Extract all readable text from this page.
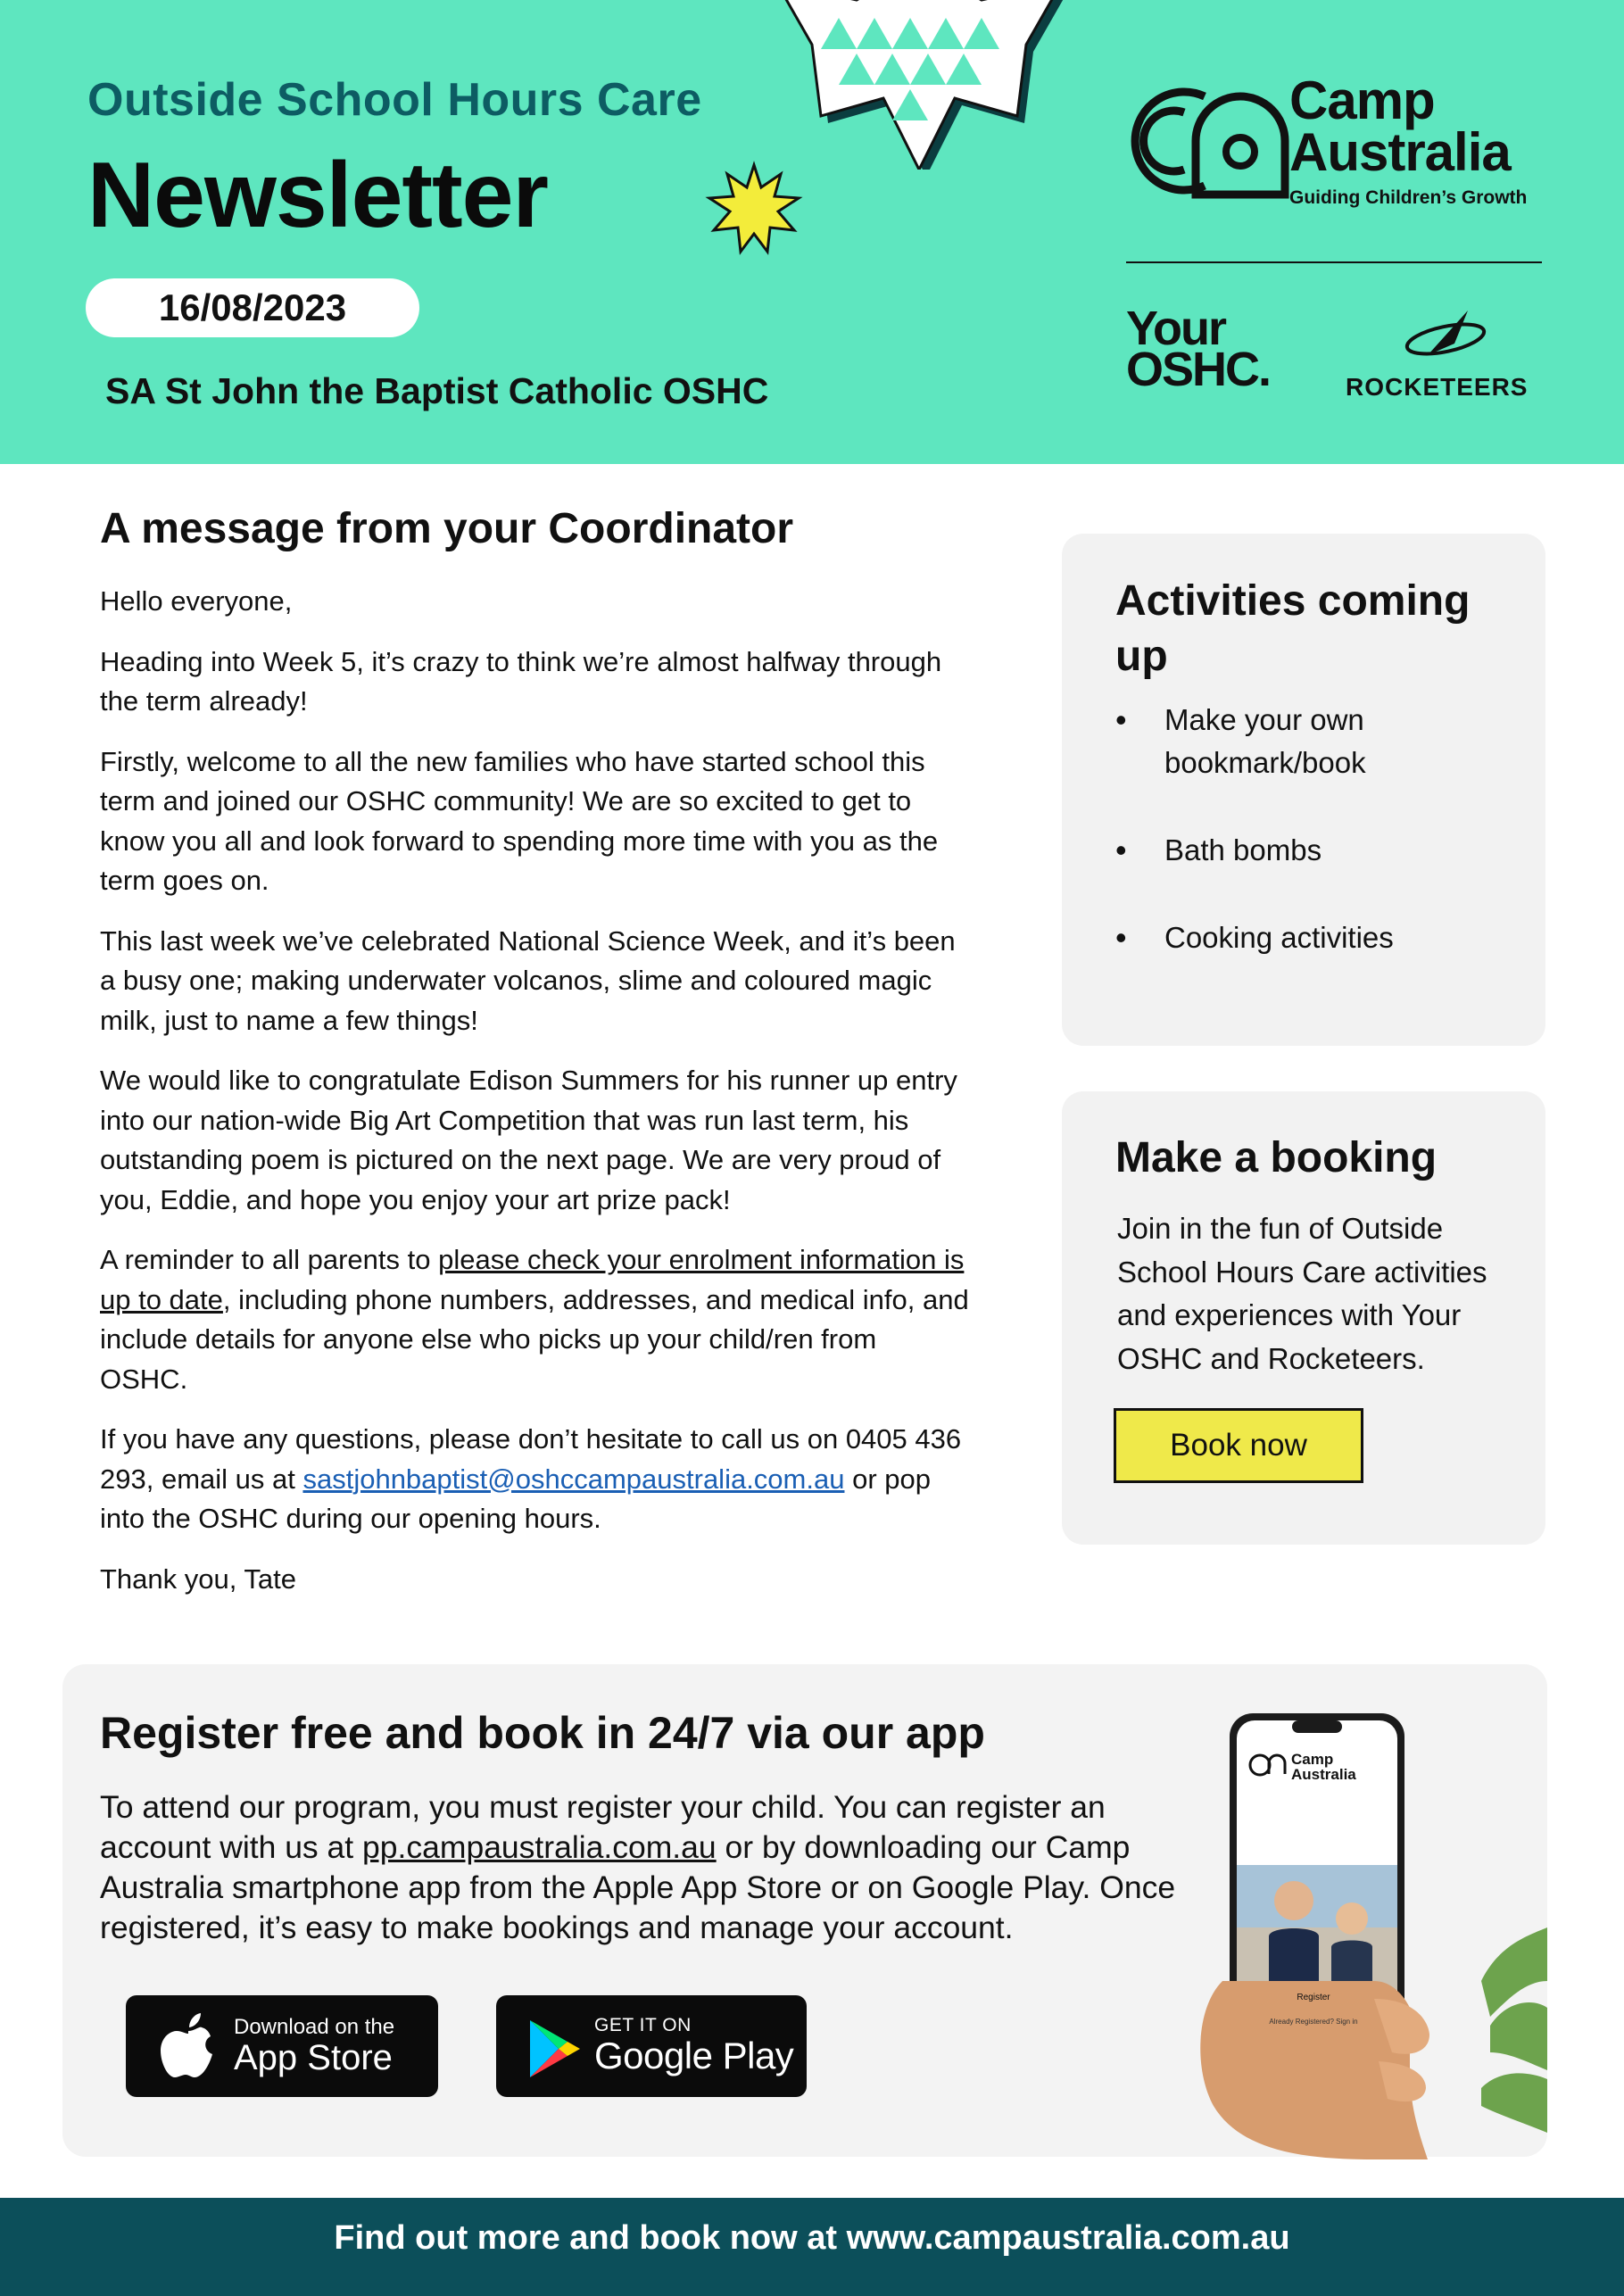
Outside School Hours Care
Newsletter
16/08/2023
SA St John the Baptist Catholic OSHC
Camp
Australia
Guiding Children’s Growth
Your OSHC.	ROCKETEERS
A message from your Coordinator

Hello everyone,

Heading into Week 5, it’s crazy to think we’re almost halfway through the term already!

Firstly, welcome to all the new families who have started school this term and joined our OSHC community! We are so excited to get to know you all and look forward to spending more time with you as the term goes on.

This last week we’ve celebrated National Science Week, and it’s been a busy one; making underwater volcanos, slime and coloured magic milk, just to name a few things!

We would like to congratulate Edison Summers for his runner up entry into our nation-wide Big Art Competition that was run last term, his outstanding poem is pictured on the next page. We are very proud of you, Eddie, and hope you enjoy your art prize pack!

A reminder to all parents to please check your enrolment information is up to date, including phone numbers, addresses, and medical info, and include details for anyone else who picks up your child/ren from OSHC.

If you have any questions, please don’t hesitate to call us on 0405 436 293, email us at sastjohnbaptist@oshccampaustralia.com.au or pop into the OSHC during our opening hours.

Thank you, Tate

Activities coming up
• Make your own bookmark/book
• Bath bombs
• Cooking activities
Make a booking
Join in the fun of Outside School Hours Care activities and experiences with Your OSHC and Rocketeers.
Book now
Register free and book in 24/7 via our app
To attend our program, you must register your child. You can register an account with us at pp.campaustralia.com.au or by downloading our Camp Australia smartphone app from the Apple App Store or on Google Play. Once registered, it’s easy to make bookings and manage your account.
Download on the
App Store
GET IT ON
Google Play
Camp
Australia
Register
Already Registered? Sign in
Find out more and book now at www.campaustralia.com.au
